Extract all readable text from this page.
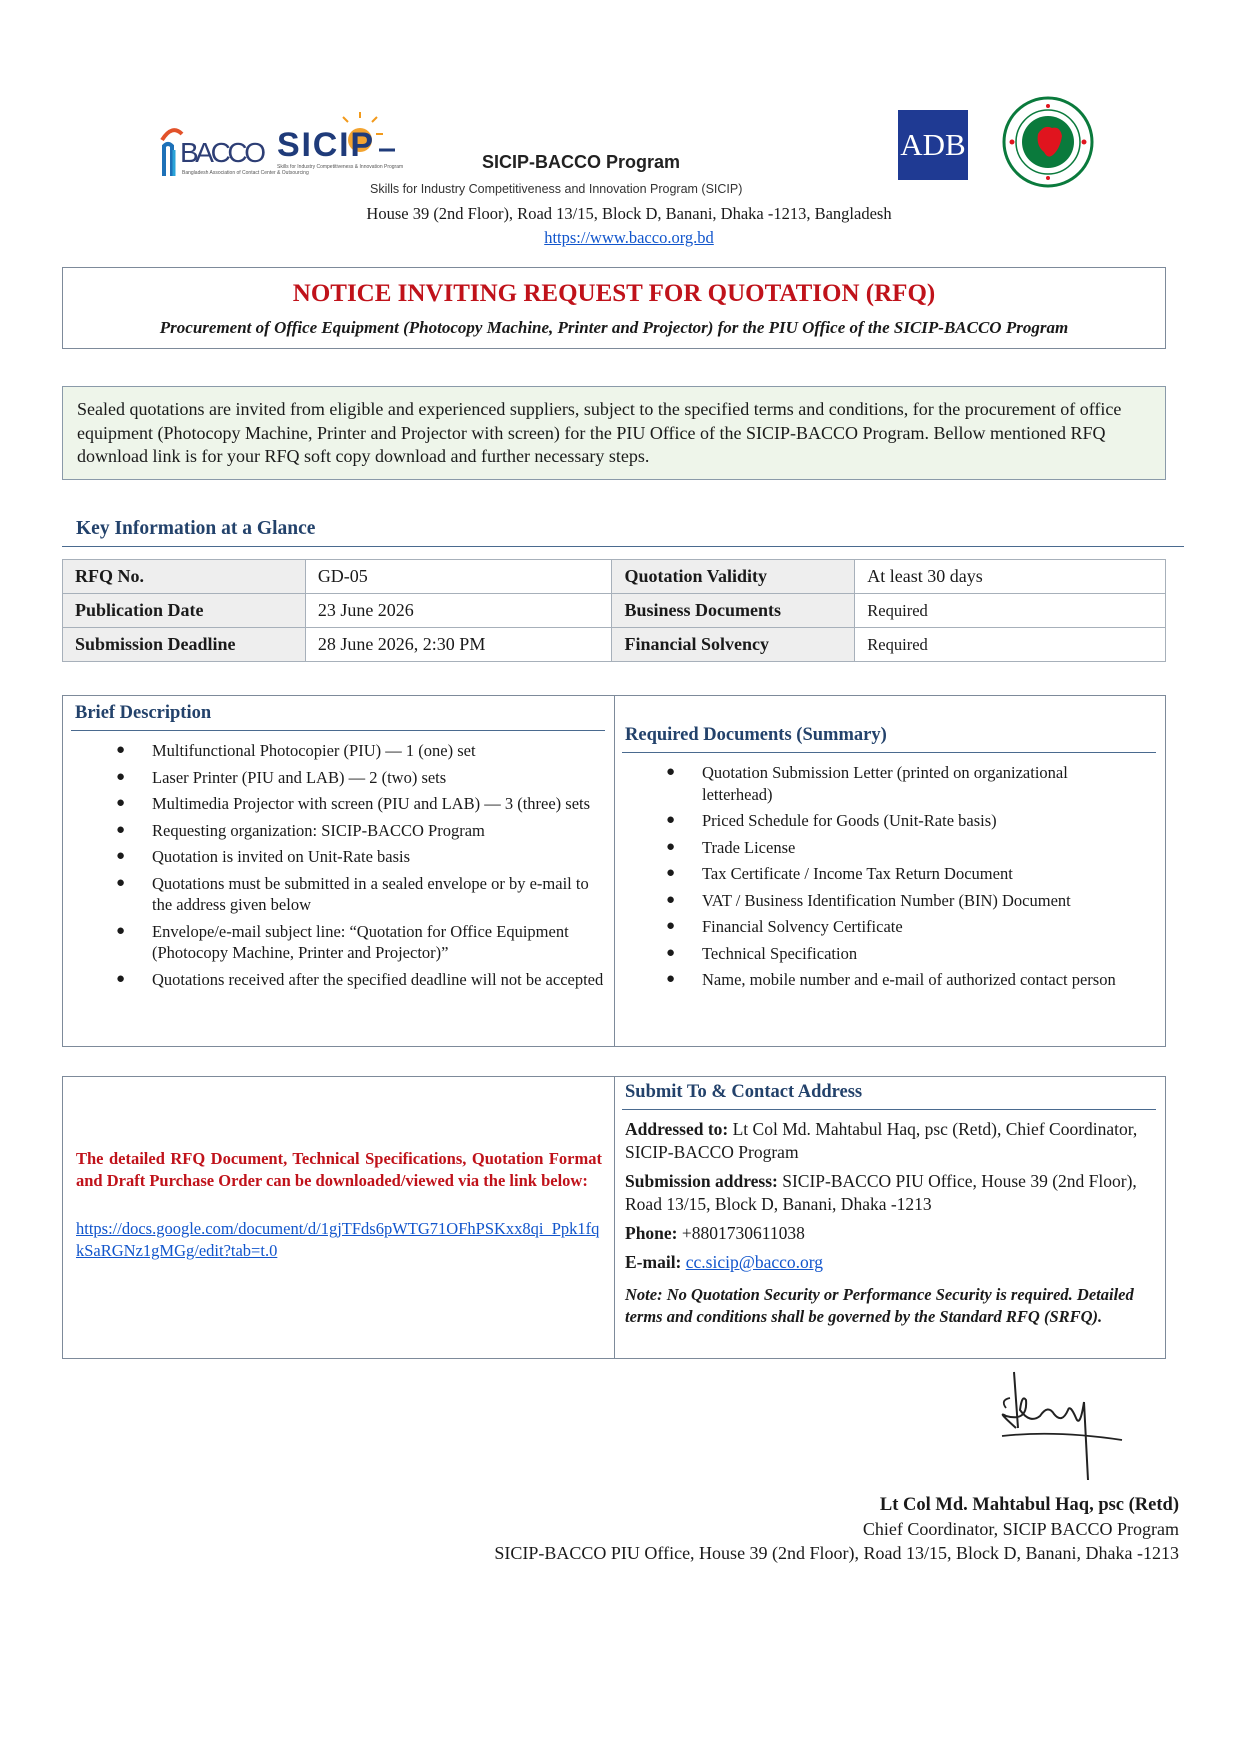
BACCO
Bangladesh Association of Contact Center & Outsourcing
SICIP
Skills for Industry Competitiveness & Innovation Program	SICIP-BACCO Program
Skills for Industry Competitiveness and Innovation Program (SICIP)
ADB
House 39 (2nd Floor), Road 13/15, Block D, Banani, Dhaka -1213, Bangladesh
https://www.bacco.org.bd
NOTICE INVITING REQUEST FOR QUOTATION (RFQ)
Procurement of Office Equipment (Photocopy Machine, Printer and Projector) for the PIU Office of the SICIP-BACCO Program
Sealed quotations are invited from eligible and experienced suppliers, subject to the specified terms and conditions, for the procurement of office equipment (Photocopy Machine, Printer and Projector with screen) for the PIU Office of the SICIP-BACCO Program. Bellow mentioned RFQ download link is for your RFQ soft copy download and further necessary steps.
Key Information at a Glance
RFQ No.	GD-05	Quotation Validity	At least 30 days
Publication Date	23 June 2026	Business Documents	Required
Submission Deadline	28 June 2026, 2:30 PM	Financial Solvency	Required
Brief Description
● Multifunctional Photocopier (PIU) — 1 (one) set
● Laser Printer (PIU and LAB) — 2 (two) sets
● Multimedia Projector with screen (PIU and LAB) — 3 (three) sets
● Requesting organization: SICIP-BACCO Program
● Quotation is invited on Unit-Rate basis
● Quotations must be submitted in a sealed envelope or by e-mail to the address given below
● Envelope/e-mail subject line: “Quotation for Office Equipment (Photocopy Machine, Printer and Projector)”
● Quotations received after the specified deadline will not be accepted
Required Documents (Summary)
● Quotation Submission Letter (printed on organizational letterhead)
● Priced Schedule for Goods (Unit-Rate basis)
● Trade License
● Tax Certificate / Income Tax Return Document
● VAT / Business Identification Number (BIN) Document
● Financial Solvency Certificate
● Technical Specification
● Name, mobile number and e-mail of authorized contact person
The detailed RFQ Document, Technical Specifications, Quotation Format and Draft Purchase Order can be downloaded/viewed via the link below:
https://docs.google.com/document/d/1gjTFds6pWTG71OFhPSKxx8qi_Ppk1fqkSaRGNz1gMGg/edit?tab=t.0
Submit To & Contact Address
Addressed to: Lt Col Md. Mahtabul Haq, psc (Retd), Chief Coordinator, SICIP-BACCO Program
Submission address: SICIP-BACCO PIU Office, House 39 (2nd Floor), Road 13/15, Block D, Banani, Dhaka -1213
Phone: +8801730611038
E-mail: cc.sicip@bacco.org
Note: No Quotation Security or Performance Security is required. Detailed terms and conditions shall be governed by the Standard RFQ (SRFQ).
Lt Col Md. Mahtabul Haq, psc (Retd)
Chief Coordinator, SICIP BACCO Program
SICIP-BACCO PIU Office, House 39 (2nd Floor), Road 13/15, Block D, Banani, Dhaka -1213
